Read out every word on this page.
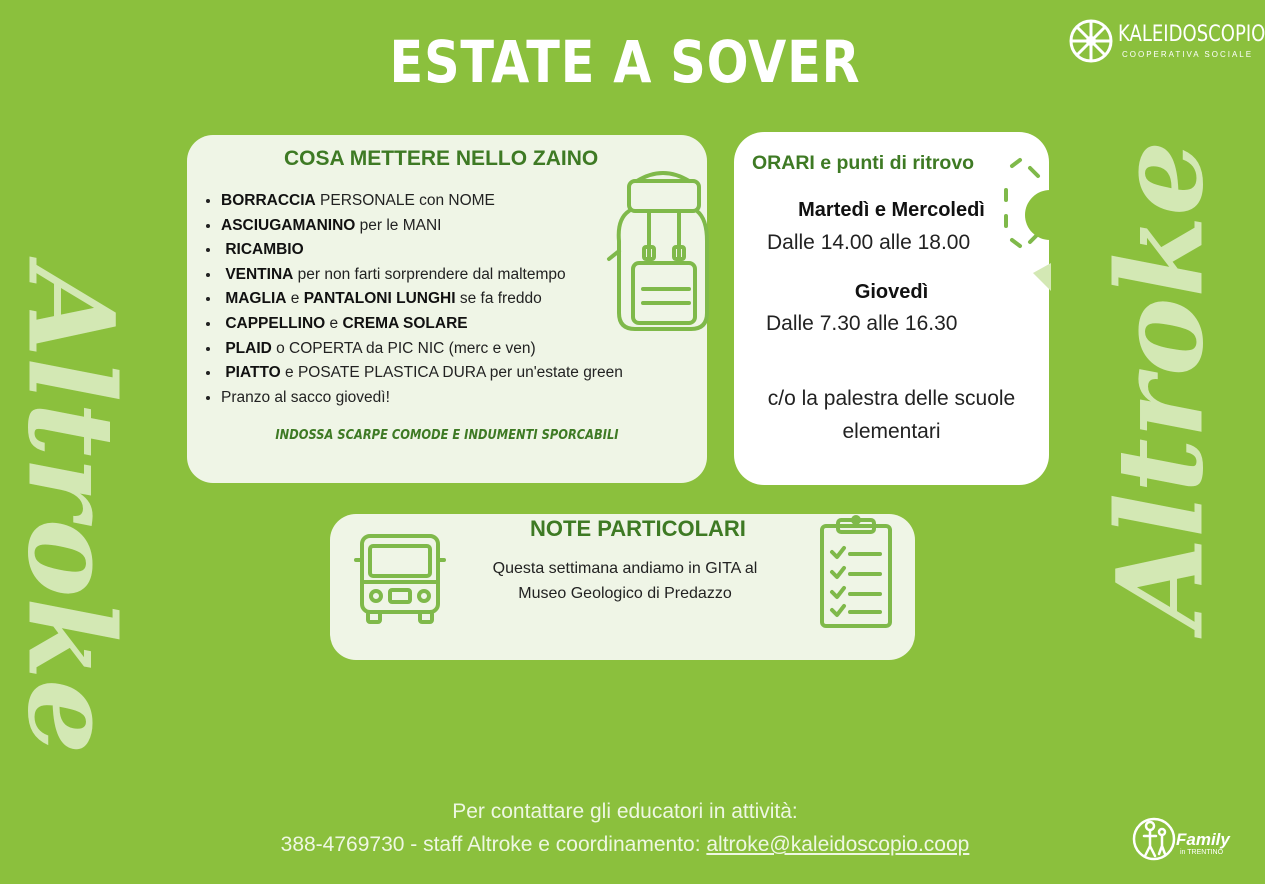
ESTATE A SOVER	KALEIDOSCOPIO
COOPERATIVA SOCIALE
Altroke	Altroke
COSA METTERE NELLO ZAINO
• BORRACCIA PERSONALE con NOME
• ASCIUGAMANINO per le MANI
• RICAMBIO
• VENTINA per non farti sorprendere dal maltempo
• MAGLIA e PANTALONI LUNGHI se fa freddo
• CAPPELLINO e CREMA SOLARE
• PLAID o COPERTA da PIC NIC (merc e ven)
• PIATTO e POSATE PLASTICA DURA per un'estate green
• Pranzo al sacco giovedì!
INDOSSA SCARPE COMODE E INDUMENTI SPORCABILI
ORARI e punti di ritrovo
Martedì e Mercoledì
Dalle 14.00 alle 18.00
Giovedì
Dalle 7.30 alle 16.30
c/o la palestra delle scuole elementari
NOTE PARTICOLARI
Questa settimana andiamo in GITA al Museo Geologico di Predazzo
Per contattare gli educatori in attività:
388-4769730 - staff Altroke e coordinamento: altroke@kaleidoscopio.coop	Family
in TRENTINO
